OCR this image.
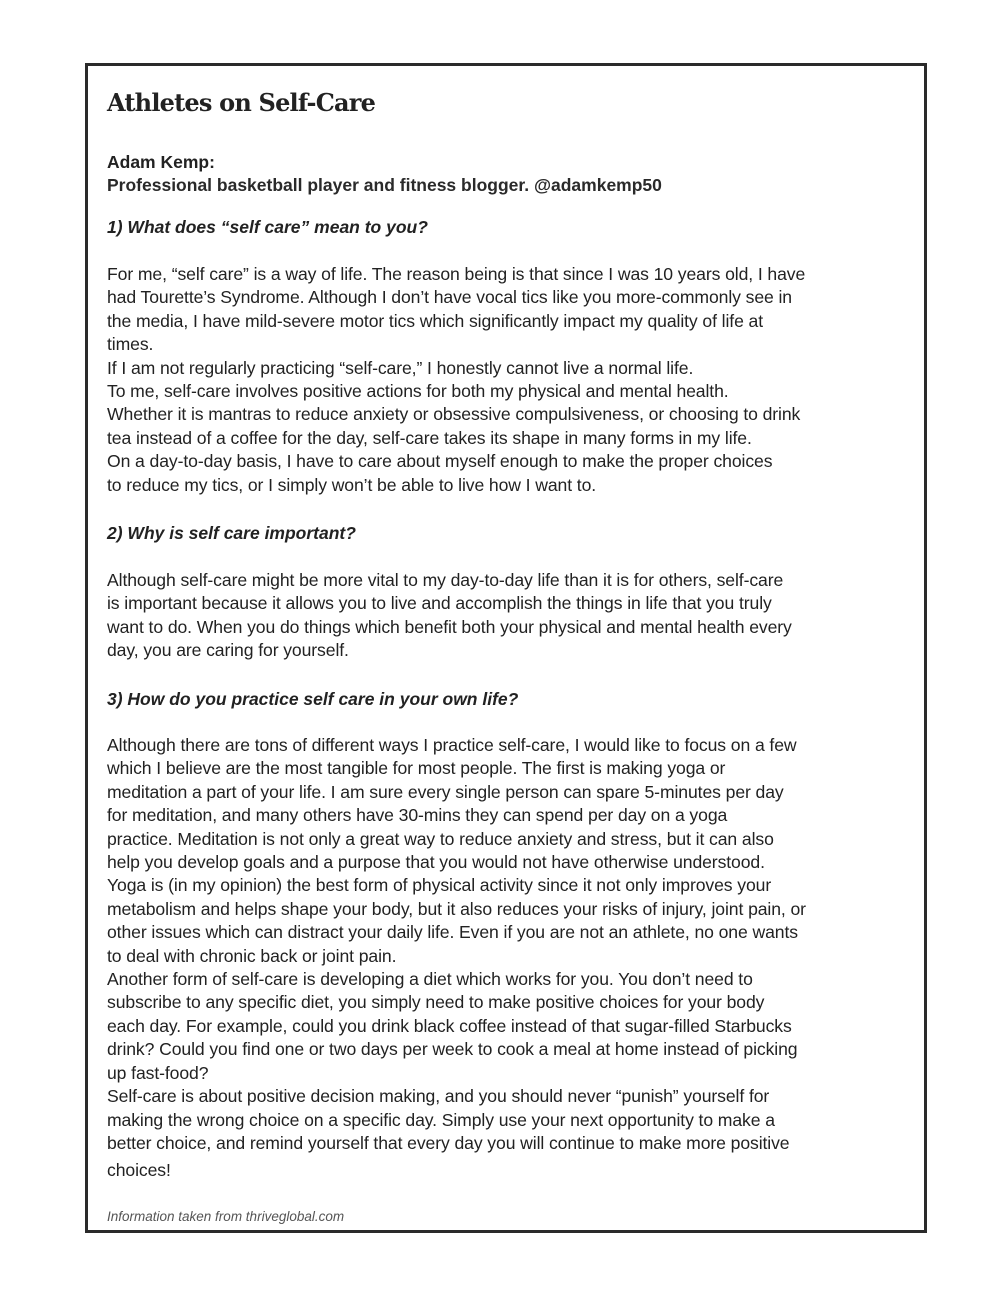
Athletes on Self-Care
Adam Kemp:
Professional basketball player and fitness blogger. @adamkemp50
1) What does “self care” mean to you?
For me, “self care” is a way of life. The reason being is that since I was 10 years old, I have
had Tourette’s Syndrome. Although I don’t have vocal tics like you more-commonly see in
the media, I have mild-severe motor tics which significantly impact my quality of life at
times.
If I am not regularly practicing “self-care,” I honestly cannot live a normal life.
To me, self-care involves positive actions for both my physical and mental health.
Whether it is mantras to reduce anxiety or obsessive compulsiveness, or choosing to drink
tea instead of a coffee for the day, self-care takes its shape in many forms in my life.
On a day-to-day basis, I have to care about myself enough to make the proper choices
to reduce my tics, or I simply won’t be able to live how I want to.
2) Why is self care important?
Although self-care might be more vital to my day-to-day life than it is for others, self-care
is important because it allows you to live and accomplish the things in life that you truly
want to do. When you do things which benefit both your physical and mental health every
day, you are caring for yourself.
3) How do you practice self care in your own life?
Although there are tons of different ways I practice self-care, I would like to focus on a few
which I believe are the most tangible for most people. The first is making yoga or
meditation a part of your life. I am sure every single person can spare 5-minutes per day
for meditation, and many others have 30-mins they can spend per day on a yoga
practice. Meditation is not only a great way to reduce anxiety and stress, but it can also
help you develop goals and a purpose that you would not have otherwise understood.
Yoga is (in my opinion) the best form of physical activity since it not only improves your
metabolism and helps shape your body, but it also reduces your risks of injury, joint pain, or
other issues which can distract your daily life. Even if you are not an athlete, no one wants
to deal with chronic back or joint pain.
Another form of self-care is developing a diet which works for you. You don’t need to
subscribe to any specific diet, you simply need to make positive choices for your body
each day. For example, could you drink black coffee instead of that sugar-filled Starbucks
drink? Could you find one or two days per week to cook a meal at home instead of picking
up fast-food?
Self-care is about positive decision making, and you should never “punish” yourself for
making the wrong choice on a specific day. Simply use your next opportunity to make a
better choice, and remind yourself that every day you will continue to make more positive
choices!
Information taken from thriveglobal.com
